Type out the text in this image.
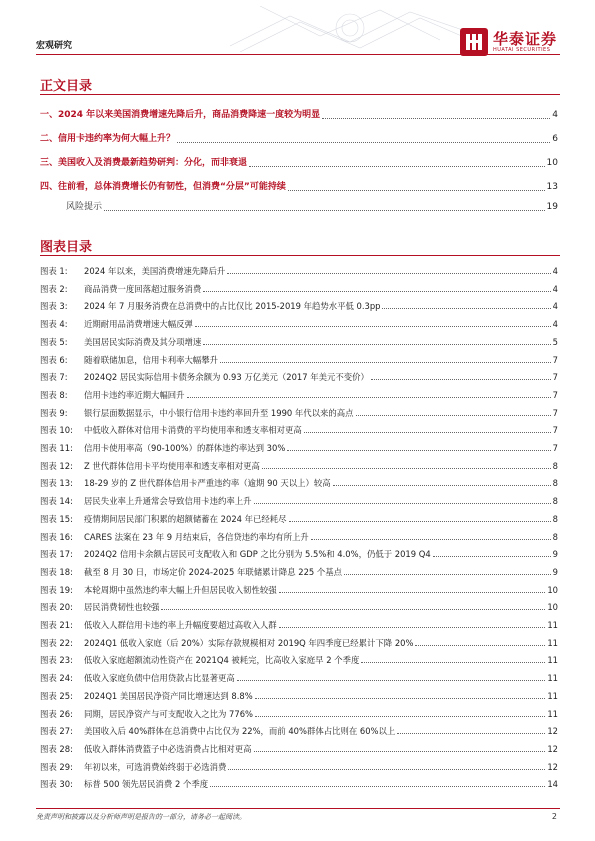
宏观研究	华泰证券
HUATAI SECURITIES
正文目录
一、2024 年以来美国消费增速先降后升，商品消费降速一度较为明显	4
二、信用卡违约率为何大幅上升？	6
三、美国收入及消费最新趋势研判：分化，而非衰退	10
四、往前看，总体消费增长仍有韧性，但消费“分层”可能持续	13
风险提示	19
图表目录
图表 1:	2024 年以来，美国消费增速先降后升	4
图表 2:	商品消费一度回落超过服务消费	4
图表 3:	2024 年 7 月服务消费在总消费中的占比仅比 2015-2019 年趋势水平低 0.3pp	4
图表 4:	近期耐用品消费增速大幅反弹	4
图表 5:	美国居民实际消费及其分项增速	5
图表 6:	随着联储加息，信用卡利率大幅攀升	7
图表 7:	2024Q2 居民实际信用卡债务余额为 0.93 万亿美元（2017 年美元不变价）	7
图表 8:	信用卡违约率近期大幅回升	7
图表 9:	银行层面数据显示，中小银行信用卡违约率回升至 1990 年代以来的高点	7
图表 10:	中低收入群体对信用卡消费的平均使用率和透支率相对更高	7
图表 11:	信用卡使用率高（90-100%）的群体违约率达到 30%	7
图表 12:	Z 世代群体信用卡平均使用率和透支率相对更高	8
图表 13:	18-29 岁的 Z 世代群体信用卡严重违约率（逾期 90 天以上）较高	8
图表 14:	居民失业率上升通常会导致信用卡违约率上升	8
图表 15:	疫情期间居民部门积累的超额储蓄在 2024 年已经耗尽	8
图表 16:	CARES 法案在 23 年 9 月结束后，各信贷违约率均有所上升	8
图表 17:	2024Q2 信用卡余额占居民可支配收入和 GDP 之比分别为 5.5%和 4.0%，仍低于 2019 Q4	9
图表 18:	截至 8 月 30 日，市场定价 2024-2025 年联储累计降息 225 个基点	9
图表 19:	本轮周期中虽然违约率大幅上升但居民收入韧性较强	10
图表 20:	居民消费韧性也较强	10
图表 21:	低收入人群信用卡违约率上升幅度要超过高收入人群	11
图表 22:	2024Q1 低收入家庭（后 20%）实际存款规模相对 2019Q 年四季度已经累计下降 20%	11
图表 23:	低收入家庭超额流动性资产在 2021Q4 被耗完，比高收入家庭早 2 个季度	11
图表 24:	低收入家庭负债中信用贷款占比显著更高	11
图表 25:	2024Q1 美国居民净资产同比增速达到 8.8%	11
图表 26:	同期，居民净资产与可支配收入之比为 776%	11
图表 27:	美国收入后 40%群体在总消费中占比仅为 22%，而前 40%群体占比则在 60%以上	12
图表 28:	低收入群体消费篮子中必选消费占比相对更高	12
图表 29:	年初以来，可选消费始终弱于必选消费	12
图表 30:	标普 500 领先居民消费 2 个季度	14
免责声明和披露以及分析师声明是报告的一部分，请务必一起阅读。	2
